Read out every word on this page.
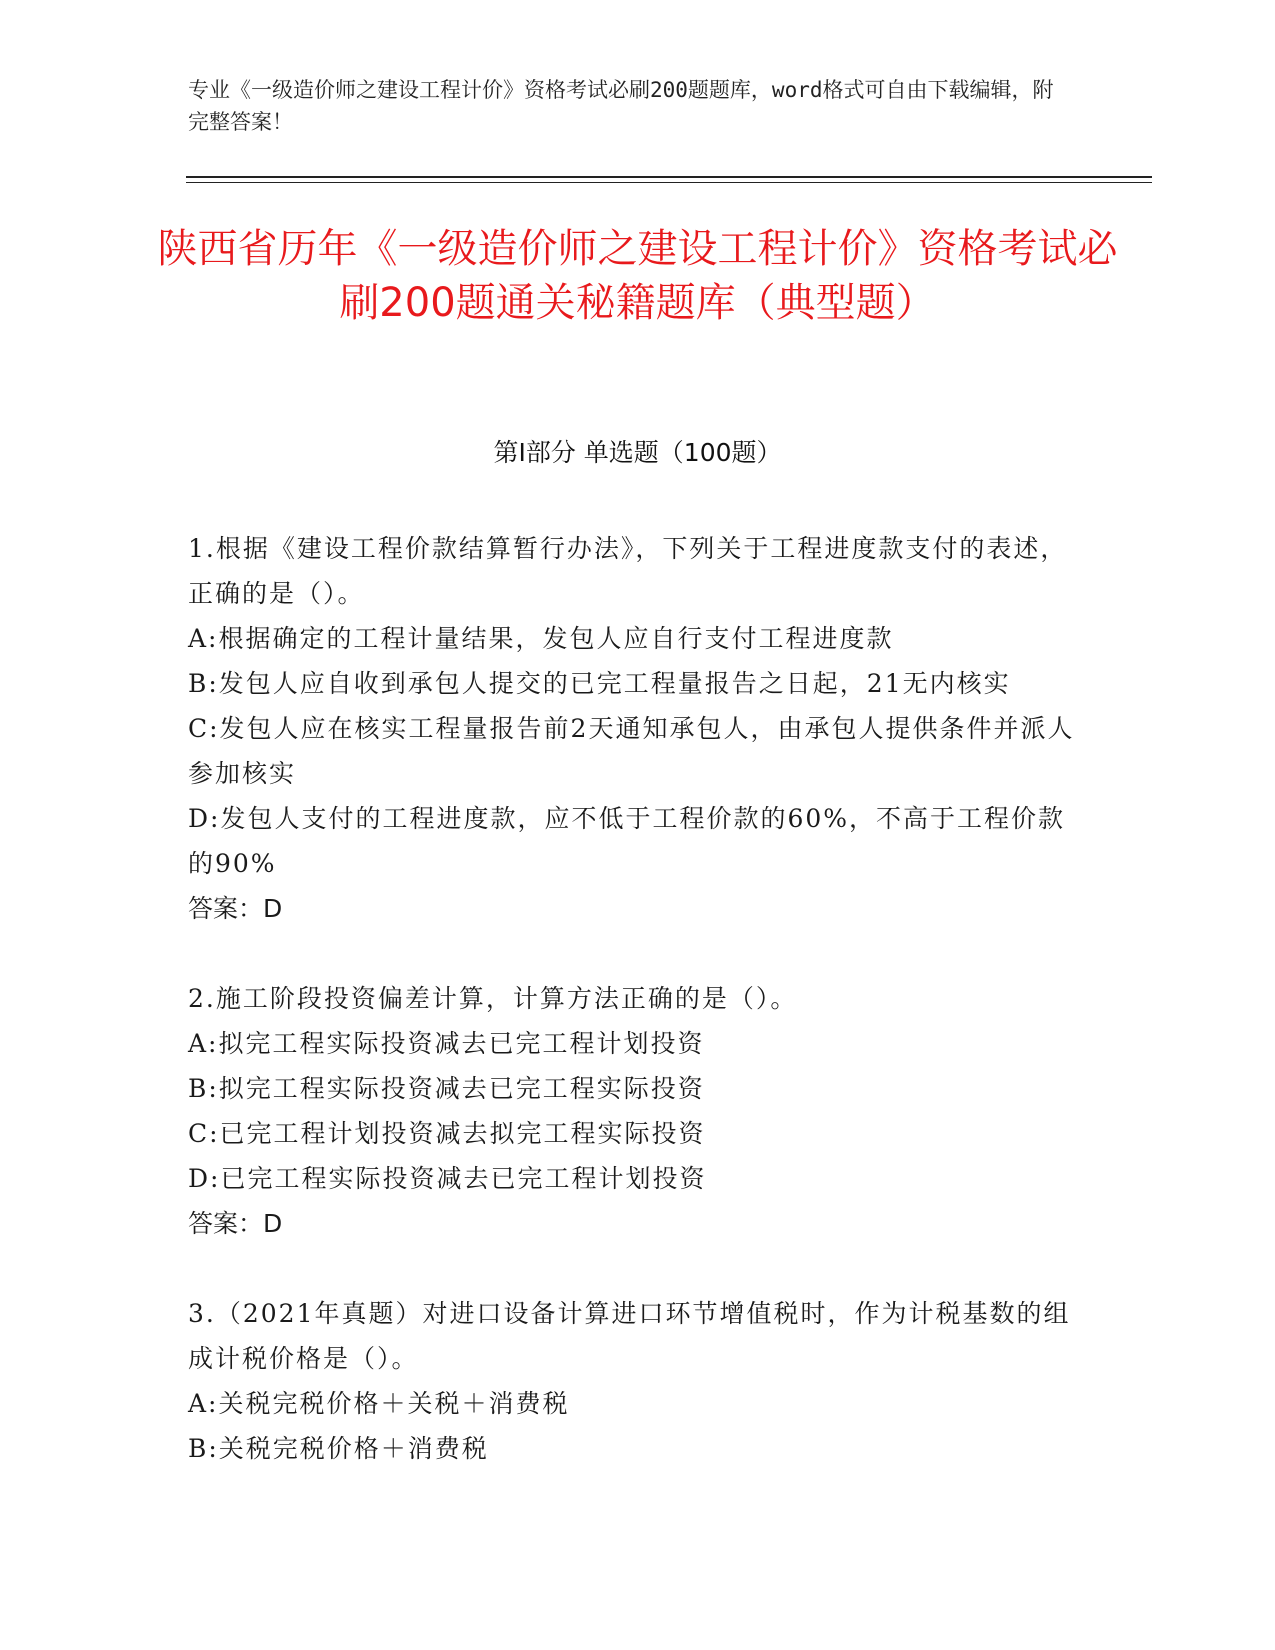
专业《一级造价师之建设工程计价》资格考试必刷200题题库，word格式可自由下载编辑，附完整答案！
陕西省历年《一级造价师之建设工程计价》资格考试必刷200题通关秘籍题库（典型题）
第I部分 单选题（100题）
1.根据《建设工程价款结算暂行办法》，下列关于工程进度款支付的表述，正确的是（）。
A:根据确定的工程计量结果，发包人应自行支付工程进度款
B:发包人应自收到承包人提交的已完工程量报告之日起，21无内核实
C:发包人应在核实工程量报告前2天通知承包人，由承包人提供条件并派人参加核实
D:发包人支付的工程进度款，应不低于工程价款的60%，不高于工程价款的90%
答案：D
2.施工阶段投资偏差计算，计算方法正确的是（）。
A:拟完工程实际投资减去已完工程计划投资
B:拟完工程实际投资减去已完工程实际投资
C:已完工程计划投资减去拟完工程实际投资
D:已完工程实际投资减去已完工程计划投资
答案：D
3.（2021年真题）对进口设备计算进口环节增值税时，作为计税基数的组成计税价格是（）。
A:关税完税价格＋关税＋消费税
B:关税完税价格＋消费税
